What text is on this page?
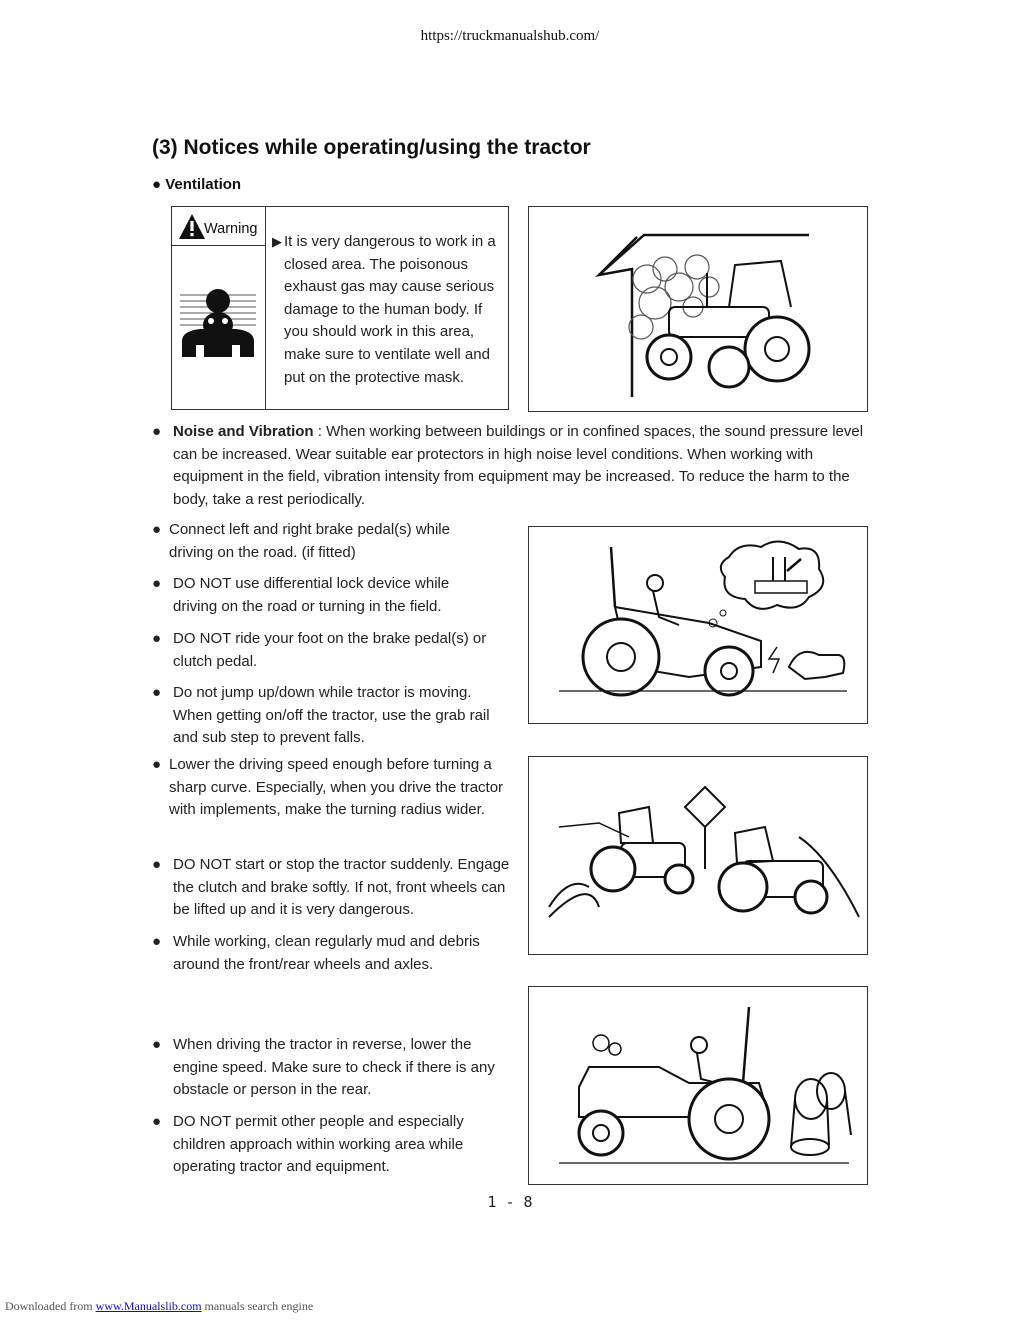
https://truckmanualshub.com/
(3) Notices while operating/using the tractor
● Ventilation
Warning
▶ It is very dangerous to work in a closed area. The poisonous exhaust gas may cause serious damage to the human body. If you should work in this area, make sure to ventilate well and put on the protective mask.
● Noise and Vibration : When working between buildings or in confined spaces, the sound pressure level can be increased. Wear suitable ear protectors in high noise level conditions. When working with equipment in the field, vibration intensity from equipment may be increased. To reduce the harm to the body, take a rest periodically.
● Connect left and right brake pedal(s) while driving on the road. (if fitted)
● DO NOT use differential lock device while driving on the road or turning in the field.
● DO NOT ride your foot on the brake pedal(s) or clutch pedal.
● Do not jump up/down while tractor is moving. When getting on/off the tractor, use the grab rail and sub step to prevent falls.
● Lower the driving speed enough before turning a sharp curve. Especially, when you drive the tractor with implements, make the turning radius wider.
● DO NOT start or stop the tractor suddenly. Engage the clutch and brake softly. If not, front wheels can be lifted up and it is very dangerous.
● While working, clean regularly mud and debris around the front/rear wheels and axles.
● When driving the tractor in reverse, lower the engine speed. Make sure to check if there is any obstacle or person in the rear.
● DO NOT permit other people and especially children approach within working area while operating tractor and equipment.
1 - 8
Downloaded from www.Manualslib.com manuals search engine
